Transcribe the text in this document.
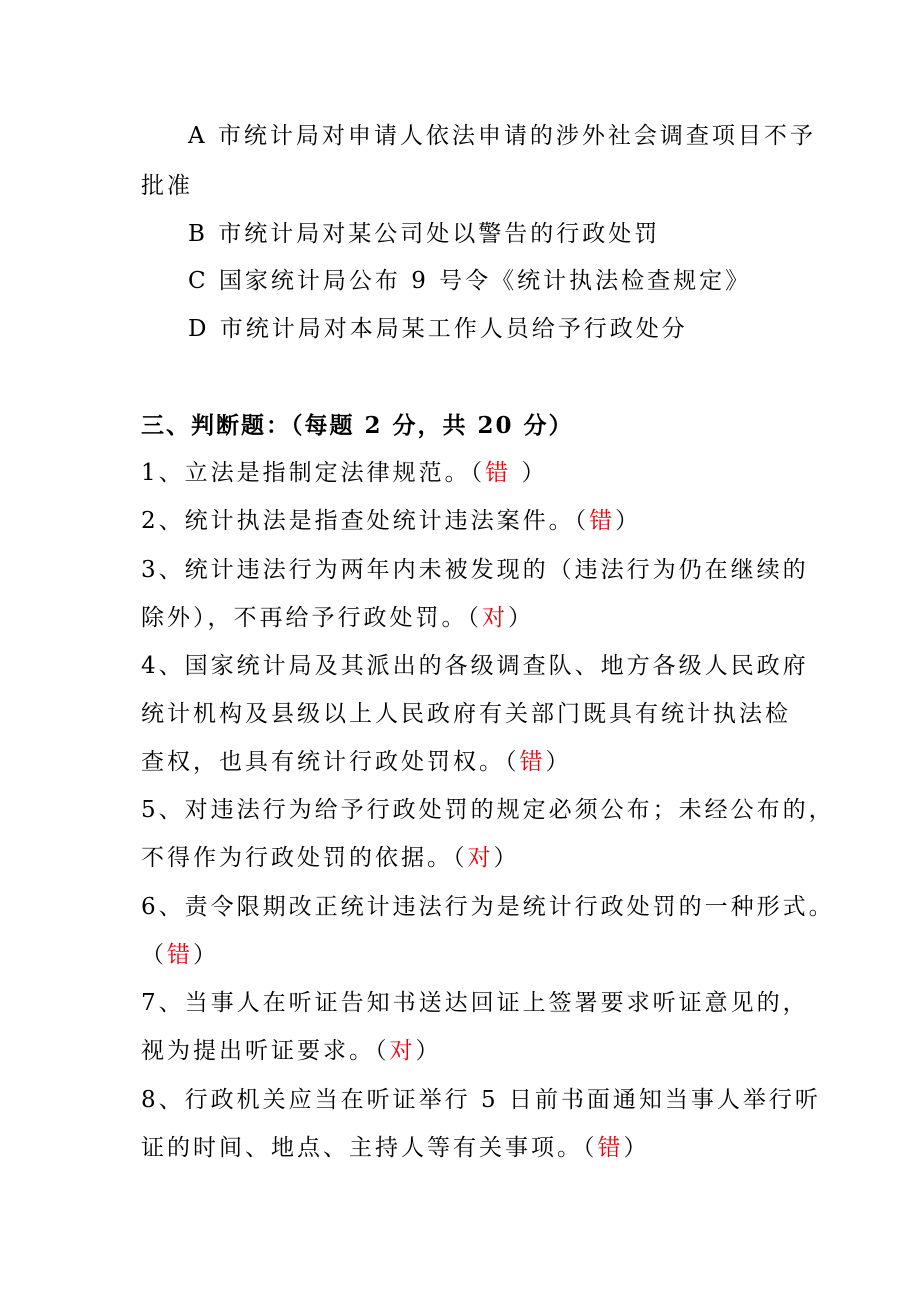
A 市统计局对申请人依法申请的涉外社会调查项目不予
批准
B 市统计局对某公司处以警告的行政处罚
C 国家统计局公布 9 号令《统计执法检查规定》
D 市统计局对本局某工作人员给予行政处分
三、判断题：（每题 2 分，共 20 分）
1、立法是指制定法律规范。（错 ）
2、统计执法是指查处统计违法案件。（错）
3、统计违法行为两年内未被发现的（违法行为仍在继续的
除外），不再给予行政处罚。（对）
4、国家统计局及其派出的各级调查队、地方各级人民政府
统计机构及县级以上人民政府有关部门既具有统计执法检
查权，也具有统计行政处罚权。（错）
5、对违法行为给予行政处罚的规定必须公布；未经公布的，
不得作为行政处罚的依据。（对）
6、责令限期改正统计违法行为是统计行政处罚的一种形式。
（错）
7、当事人在听证告知书送达回证上签署要求听证意见的，
视为提出听证要求。（对）
8、行政机关应当在听证举行 5 日前书面通知当事人举行听
证的时间、地点、主持人等有关事项。（错）
